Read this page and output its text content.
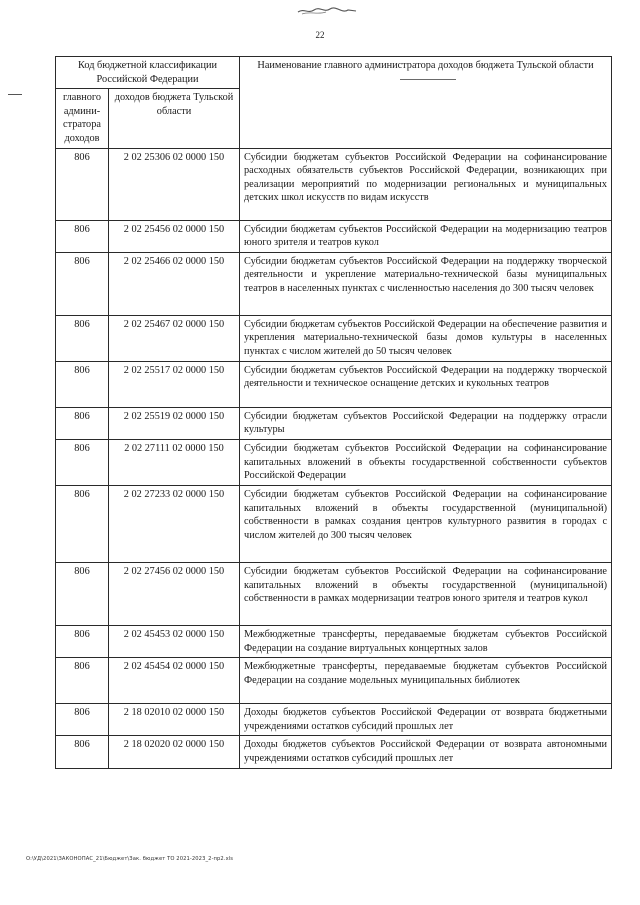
22
Код бюджетной классификации Российской Федерации		Наименование главного администратора доходов бюджета Тульской области
главного админи-стратора доходов	доходов бюджета Тульской области	
806	2 02 25306 02 0000 150	Субсидии бюджетам субъектов Российской Федерации на софинансирование расходных обязательств субъектов Российской Федерации, возникающих при реализации мероприятий по модернизации региональных и муниципальных детских школ искусств по видам искусств
806	2 02 25456 02 0000 150	Субсидии бюджетам субъектов Российской Федерации на модернизацию театров юного зрителя и театров кукол
806	2 02 25466 02 0000 150	Субсидии бюджетам субъектов Российской Федерации на поддержку творческой деятельности и укрепление материально-технической базы муниципальных театров в населенных пунктах с численностью населения до 300 тысяч человек
806	2 02 25467 02 0000 150	Субсидии бюджетам субъектов Российской Федерации на обеспечение развития и укрепления материально-технической базы домов культуры в населенных пунктах с числом жителей до 50 тысяч человек
806	2 02 25517 02 0000 150	Субсидии бюджетам субъектов Российской Федерации на поддержку творческой деятельности и техническое оснащение детских и кукольных театров
806	2 02 25519 02 0000 150	Субсидии бюджетам субъектов Российской Федерации на поддержку отрасли культуры
806	2 02 27111 02 0000 150	Субсидии бюджетам субъектов Российской Федерации на софинансирование капитальных вложений в объекты государственной собственности субъектов Российской Федерации
806	2 02 27233 02 0000 150	Субсидии бюджетам субъектов Российской Федерации на софинансирование капитальных вложений в объекты государственной (муниципальной) собственности в рамках создания центров культурного развития в городах с числом жителей до 300 тысяч человек
806	2 02 27456 02 0000 150	Субсидии бюджетам субъектов Российской Федерации на софинансирование капитальных вложений в объекты государственной (муниципальной) собственности в рамках модернизации театров юного зрителя и театров кукол
806	2 02 45453 02 0000 150	Межбюджетные трансферты, передаваемые бюджетам субъектов Российской Федерации на создание виртуальных концертных залов
806	2 02 45454 02 0000 150	Межбюджетные трансферты, передаваемые бюджетам субъектов Российской Федерации на создание модельных муниципальных библиотек
806	2 18 02010 02 0000 150	Доходы бюджетов субъектов Российской Федерации от возврата бюджетными учреждениями остатков субсидий прошлых лет
806	2 18 02020 02 0000 150	Доходы бюджетов субъектов Российской Федерации от возврата автономными учреждениями остатков субсидий прошлых лет
O:\УД\2021\ЗАКОНОПАС_21\Бюджет\Зак. бюджет ТО 2021-2023_2-пр2.xls
